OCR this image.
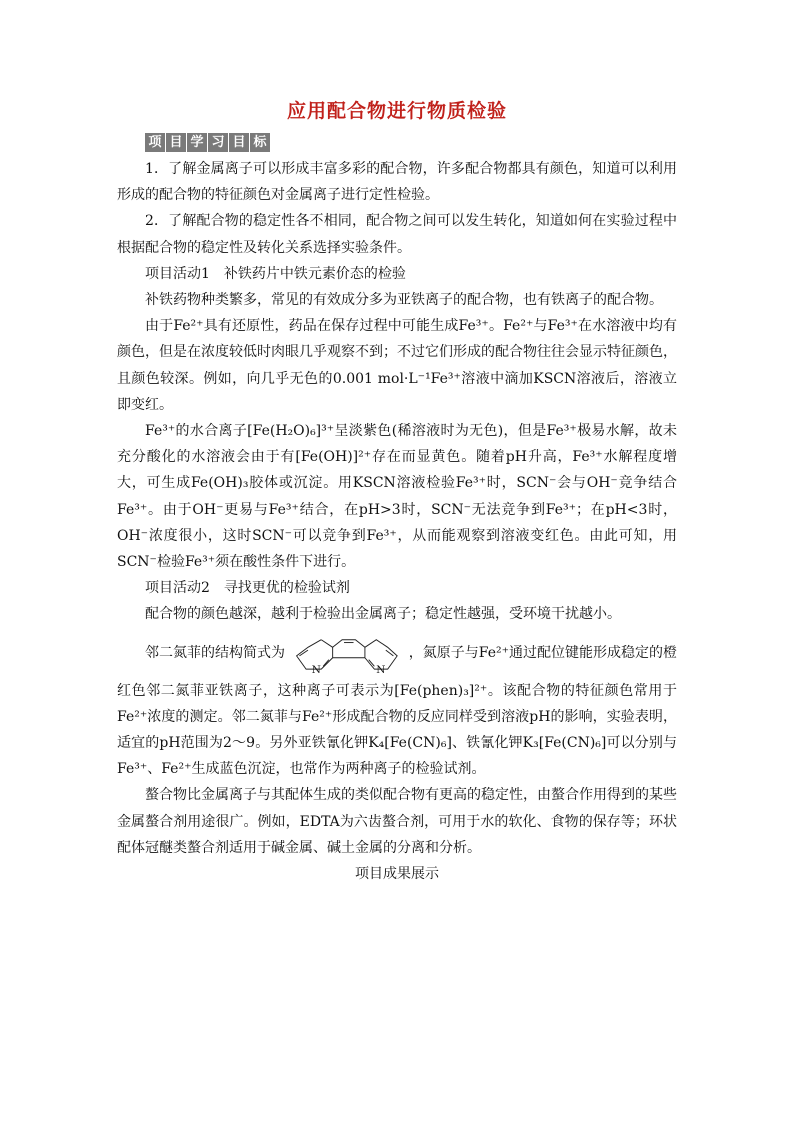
应用配合物进行物质检验
项 目 学 习 目 标

1．了解金属离子可以形成丰富多彩的配合物，许多配合物都具有颜色，知道可以利用形成的配合物的特征颜色对金属离子进行定性检验。

2．了解配合物的稳定性各不相同，配合物之间可以发生转化，知道如何在实验过程中根据配合物的稳定性及转化关系选择实验条件。

项目活动1　补铁药片中铁元素价态的检验

补铁药物种类繁多，常见的有效成分多为亚铁离子的配合物，也有铁离子的配合物。

由于Fe²⁺具有还原性，药品在保存过程中可能生成Fe³⁺。Fe²⁺与Fe³⁺在水溶液中均有颜色，但是在浓度较低时肉眼几乎观察不到；不过它们形成的配合物往往会显示特征颜色，且颜色较深。例如，向几乎无色的0.001 mol·L⁻¹Fe³⁺溶液中滴加KSCN溶液后，溶液立即变红。

Fe³⁺的水合离子[Fe(H₂O)₆]³⁺呈淡紫色(稀溶液时为无色)，但是Fe³⁺极易水解，故未充分酸化的水溶液会由于有[Fe(OH)]²⁺存在而显黄色。随着pH升高，Fe³⁺水解程度增大，可生成Fe(OH)₃胶体或沉淀。用KSCN溶液检验Fe³⁺时，SCN⁻会与OH⁻竞争结合Fe³⁺。由于OH⁻更易与Fe³⁺结合，在pH>3时，SCN⁻无法竞争到Fe³⁺；在pH<3时，OH⁻浓度很小，这时SCN⁻可以竞争到Fe³⁺，从而能观察到溶液变红色。由此可知，用SCN⁻检验Fe³⁺须在酸性条件下进行。

项目活动2　寻找更优的检验试剂

配合物的颜色越深，越利于检验出金属离子；稳定性越强，受环境干扰越小。

邻二氮菲的结构简式为
N	N
，氮原子与Fe²⁺通过配位键能形成稳定的橙

红色邻二氮菲亚铁离子，这种离子可表示为[Fe(phen)₃]²⁺。该配合物的特征颜色常用于Fe²⁺浓度的测定。邻二氮菲与Fe²⁺形成配合物的反应同样受到溶液pH的影响，实验表明，适宜的pH范围为2～9。另外亚铁氰化钾K₄[Fe(CN)₆]、铁氰化钾K₃[Fe(CN)₆]可以分别与Fe³⁺、Fe²⁺生成蓝色沉淀，也常作为两种离子的检验试剂。

螯合物比金属离子与其配体生成的类似配合物有更高的稳定性，由螯合作用得到的某些金属螯合剂用途很广。例如，EDTA为六齿螯合剂，可用于水的软化、食物的保存等；环状配体冠醚类螯合剂适用于碱金属、碱土金属的分离和分析。

项目成果展示
